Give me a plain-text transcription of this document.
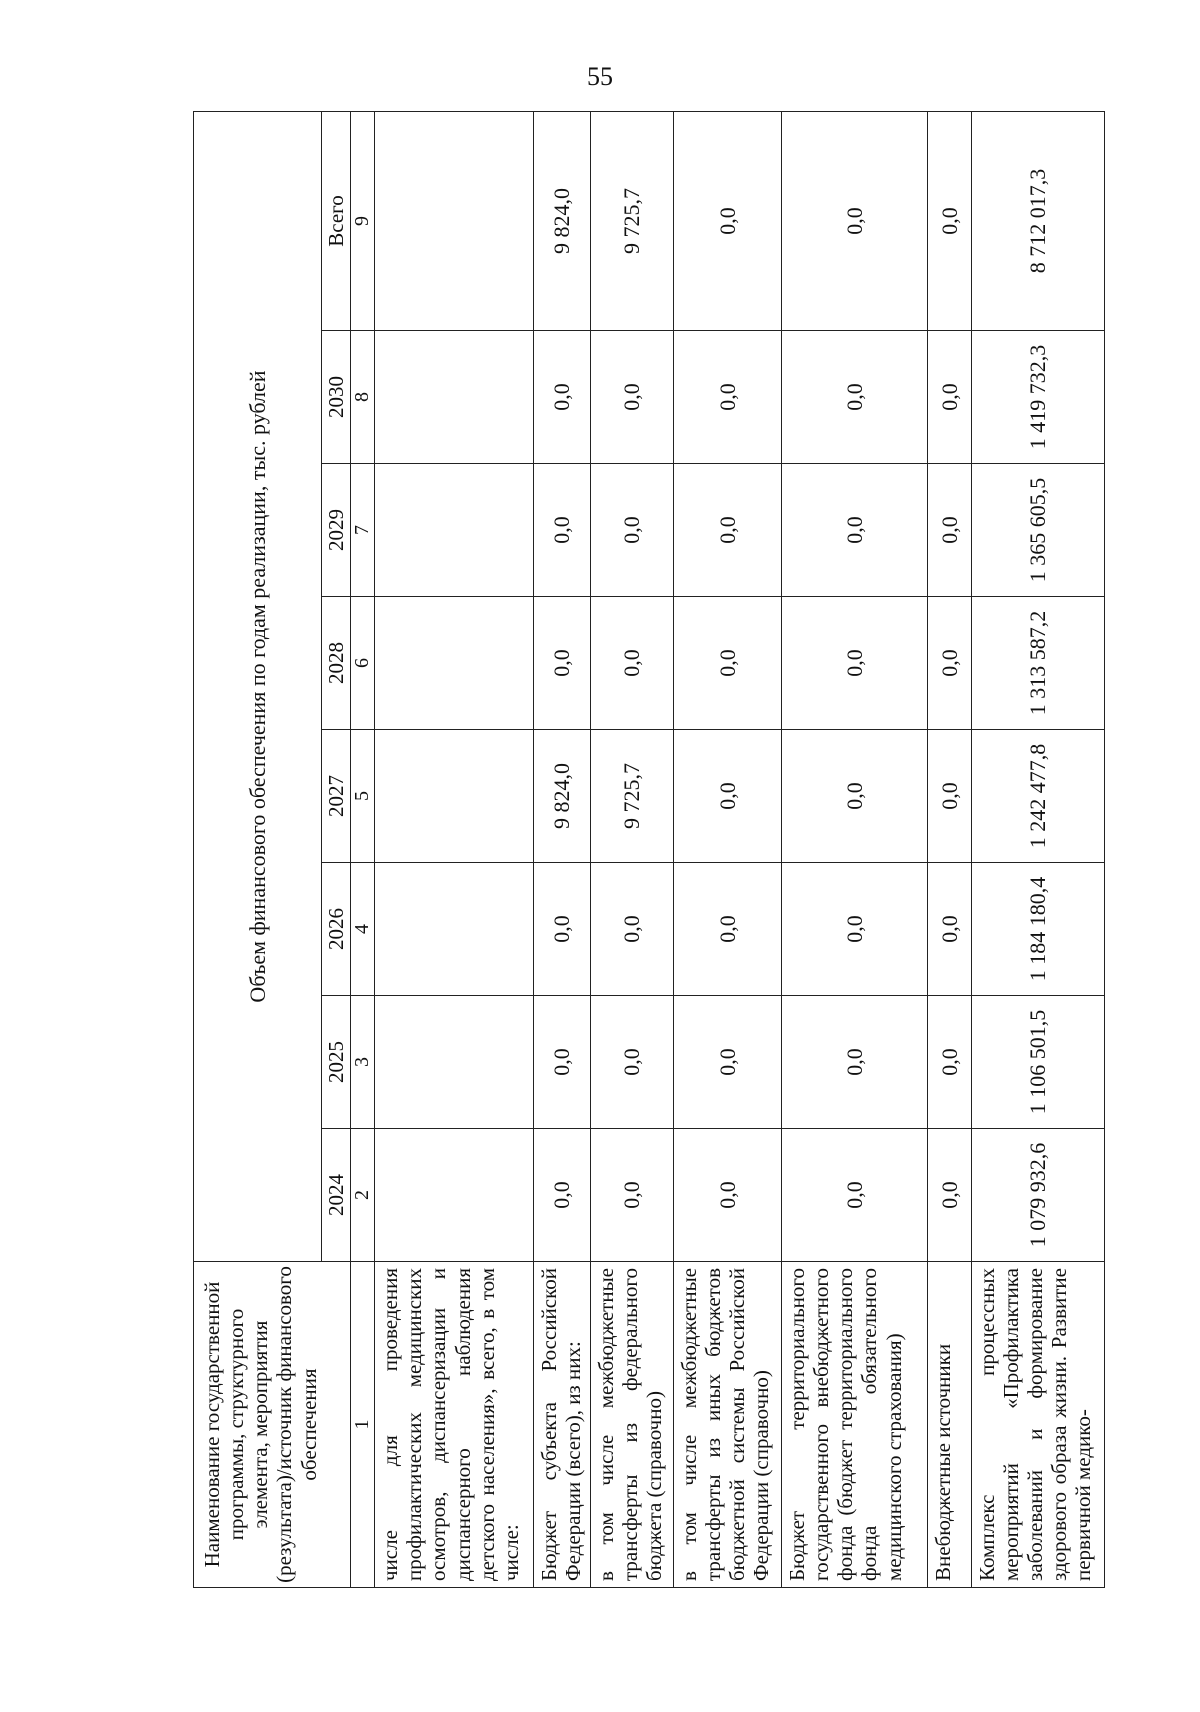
55
Наименование государственной программы, структурного элемента, мероприятия (результата)/источник финансового обеспечения	Объем финансового обеспечения по годам реализации, тыс. рублей							
	2024	2025	2026	2027	2028	2029	2030	Всего
1	2	3	4	5	6	7	8	9
числе для проведения профилактических медицинских осмотров, диспансеризации и диспансерного наблюдения детского населения», всего, в том числе:								
Бюджет субъекта Российской Федерации (всего), из них:	0,0	0,0	0,0	9 824,0	0,0	0,0	0,0	9 824,0
в том числе межбюджетные трансферты из федерального бюджета (справочно)	0,0	0,0	0,0	9 725,7	0,0	0,0	0,0	9 725,7
в том числе межбюджетные трансферты из иных бюджетов бюджетной системы Российской Федерации (справочно)	0,0	0,0	0,0	0,0	0,0	0,0	0,0	0,0
Бюджет территориального государственного внебюджетного фонда (бюджет территориального фонда обязательного медицинского страхования)	0,0	0,0	0,0	0,0	0,0	0,0	0,0	0,0
Внебюджетные источники	0,0	0,0	0,0	0,0	0,0	0,0	0,0	0,0
Комплекс процессных мероприятий «Профилактика заболеваний и формирование здорового образа жизни. Развитие первичной медико-	1 079 932,6	1 106 501,5	1 184 180,4	1 242 477,8	1 313 587,2	1 365 605,5	1 419 732,3	8 712 017,3
